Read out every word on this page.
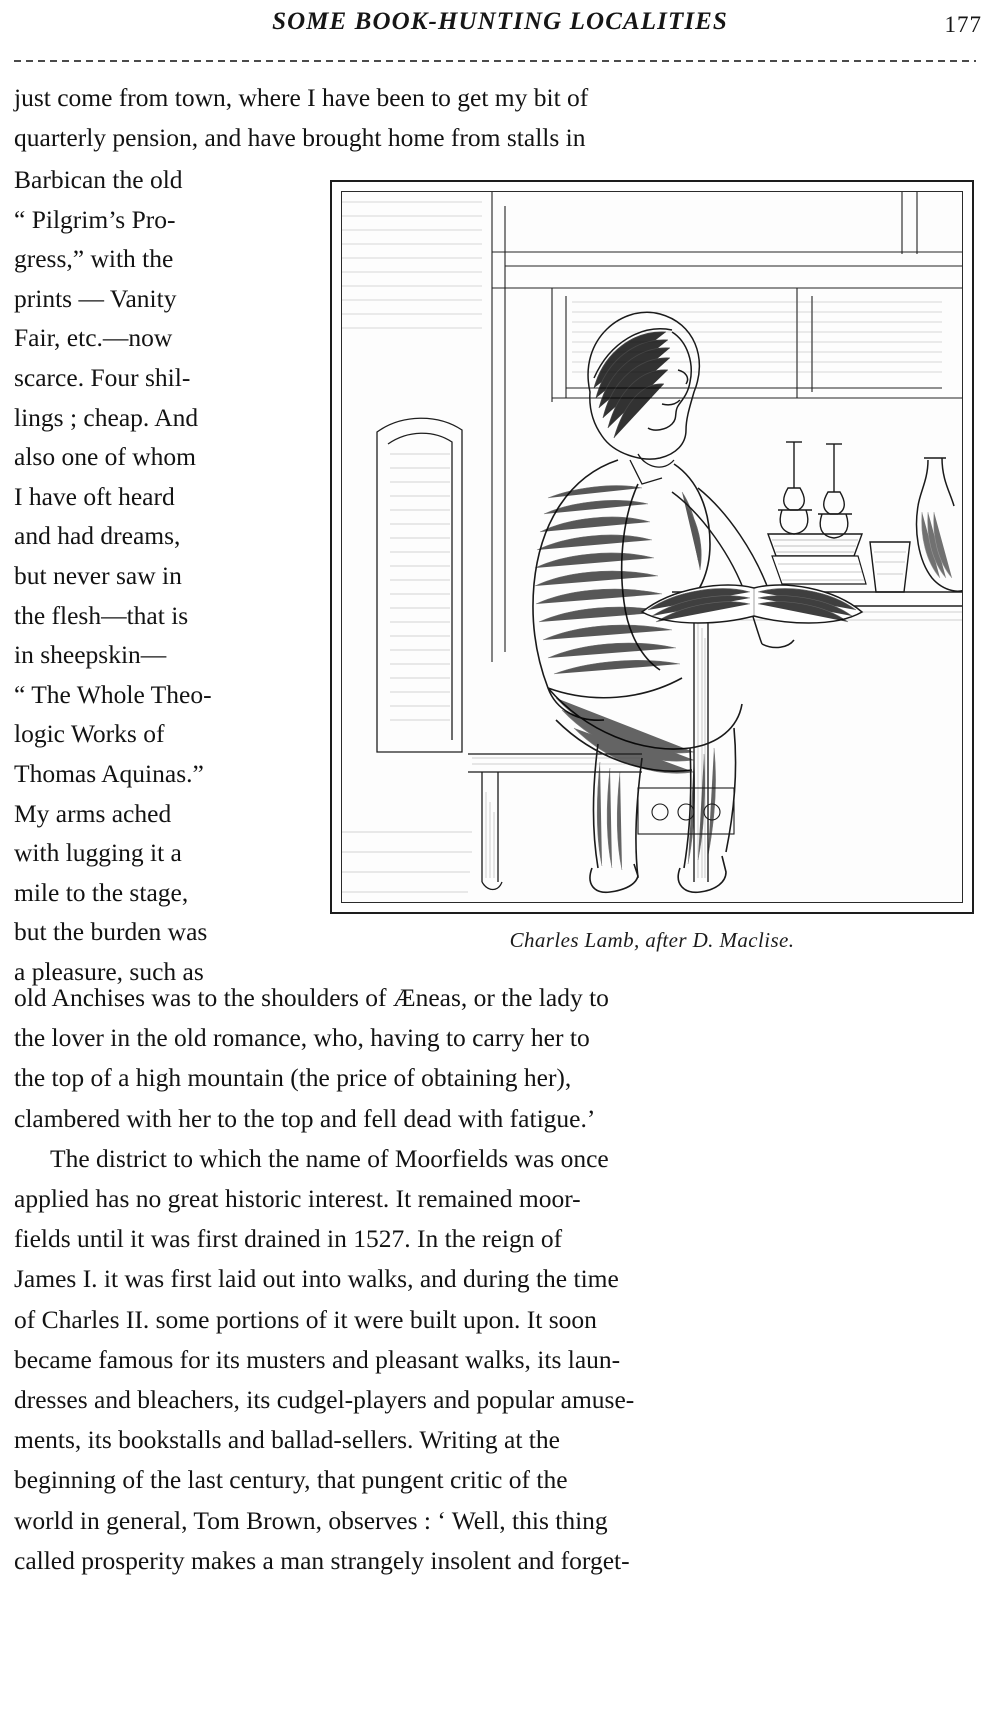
SOME BOOK-HUNTING LOCALITIES	177
just come from town, where I have been to get my bit of
quarterly pension, and have brought home from stalls in
Barbican the old
“ Pilgrim’s Pro-
gress,” with the
prints — Vanity
Fair, etc.—now
scarce. Four shil-
lings ; cheap. And
also one of whom
I have oft heard
and had dreams,
but never saw in
the flesh—that is
in sheepskin—
“ The Whole Theo-
logic Works of
Thomas Aquinas.”
My arms ached
with lugging it a
mile to the stage,
but the burden was
a pleasure, such as
Charles Lamb, after D. Maclise.
old Anchises was to the shoulders of Æneas, or the lady to
the lover in the old romance, who, having to carry her to
the top of a high mountain (the price of obtaining her),
clambered with her to the top and fell dead with fatigue.’
The district to which the name of Moorfields was once
applied has no great historic interest. It remained moor-
fields until it was first drained in 1527. In the reign of
James I. it was first laid out into walks, and during the time
of Charles II. some portions of it were built upon. It soon
became famous for its musters and pleasant walks, its laun-
dresses and bleachers, its cudgel-players and popular amuse-
ments, its bookstalls and ballad-sellers. Writing at the
beginning of the last century, that pungent critic of the
world in general, Tom Brown, observes : ‘ Well, this thing
called prosperity makes a man strangely insolent and forget-
